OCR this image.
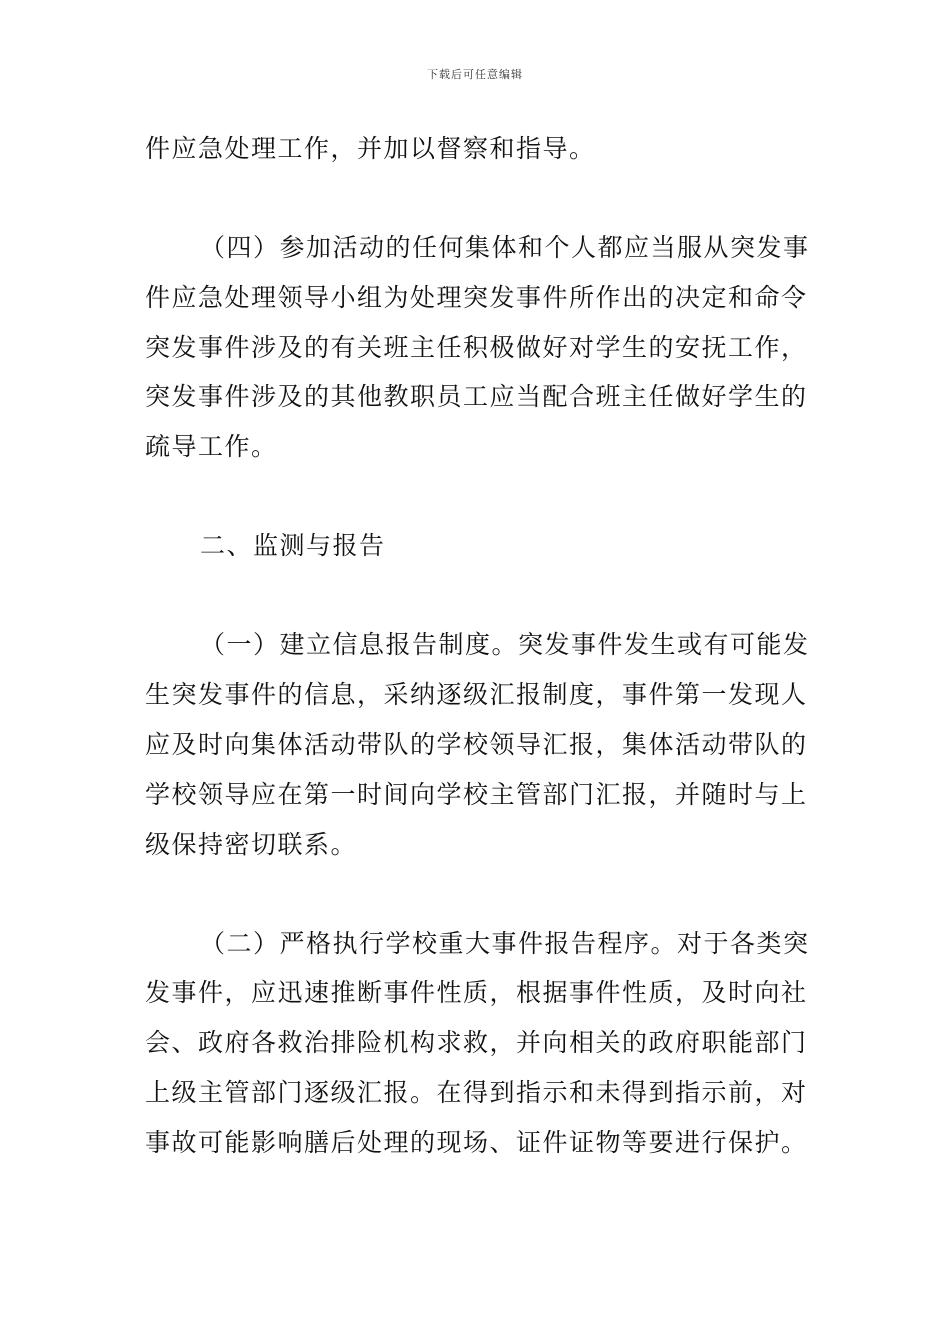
下载后可任意编辑
件应急处理工作，并加以督察和指导。
（四）参加活动的任何集体和个人都应当服从突发事
件应急处理领导小组为处理突发事件所作出的决定和命令
突发事件涉及的有关班主任积极做好对学生的安抚工作，
突发事件涉及的其他教职员工应当配合班主任做好学生的
疏导工作。
二、监测与报告
（一）建立信息报告制度。突发事件发生或有可能发
生突发事件的信息，采纳逐级汇报制度，事件第一发现人
应及时向集体活动带队的学校领导汇报，集体活动带队的
学校领导应在第一时间向学校主管部门汇报，并随时与上
级保持密切联系。
（二）严格执行学校重大事件报告程序。对于各类突
发事件，应迅速推断事件性质，根据事件性质，及时向社
会、政府各救治排险机构求救，并向相关的政府职能部门
上级主管部门逐级汇报。在得到指示和未得到指示前，对
事故可能影响膳后处理的现场、证件证物等要进行保护。
